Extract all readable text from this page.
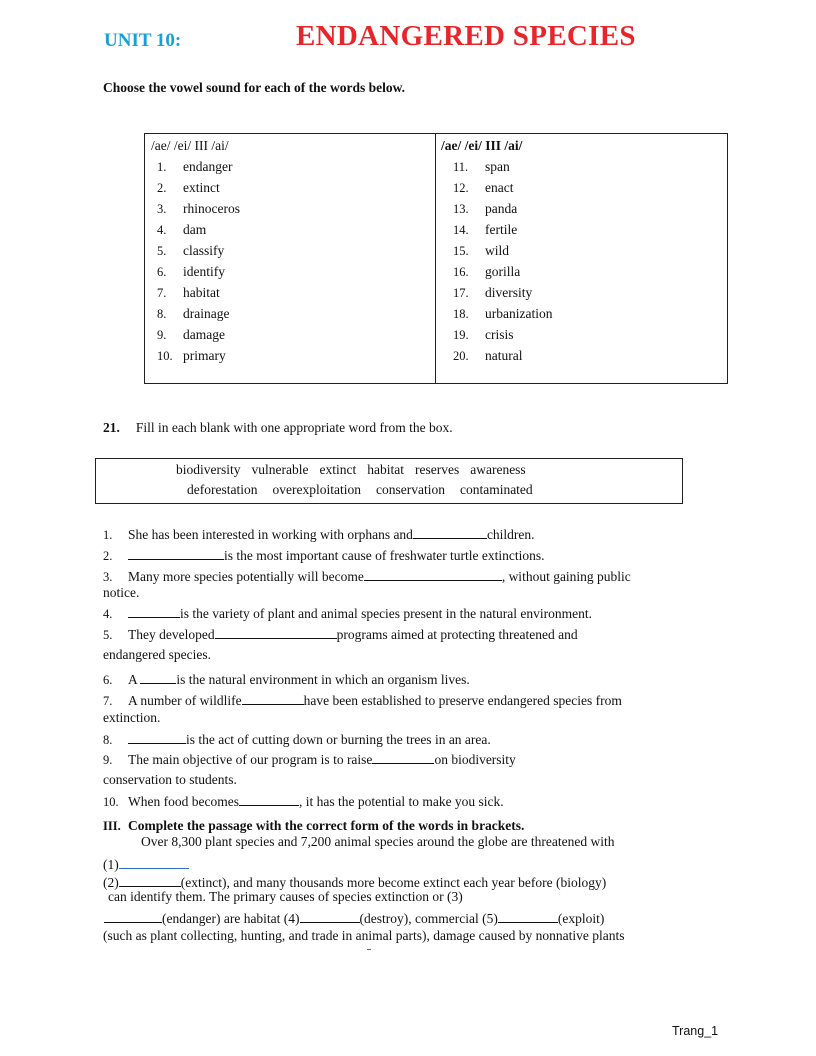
UNIT 10:	ENDANGERED SPECIES
Choose the vowel sound for each of the words below.
/ae/ /ei/ III /ai/
1. endanger
2. extinct
3. rhinoceros
4. dam
5. classify
6. identify
7. habitat
8. drainage
9. damage
10. primary
/ae/ /ei/ III /ai/
11. span
12. enact
13. panda
14. fertile
15. wild
16. gorilla
17. diversity
18. urbanization
19. crisis
20. natural
21. Fill in each blank with one appropriate word from the box.
biodiversity vulnerable extinct habitat reserves awareness
deforestation overexploitation conservation contaminated
1. She has been interested in working with orphans and	children.
2.	is the most important cause of freshwater turtle extinctions.
3. Many more species potentially will become	, without gaining public
notice.
4.	is the variety of plant and animal species present in the natural environment.
5. They developed	programs aimed at protecting threatened and
endangered species.
6. A	is the natural environment in which an organism lives.
7. A number of wildlife	have been established to preserve endangered species from
extinction.
8.	is the act of cutting down or burning the trees in an area.
9. The main objective of our program is to raise	on biodiversity
conservation to students.
10. When food becomes	, it has the potential to make you sick.
III. Complete the passage with the correct form of the words in brackets.
Over 8,300 plant species and 7,200 animal species around the globe are threatened with
(1)
(2)	(extinct), and many thousands more become extinct each year before (biology)
can identify them. The primary causes of species extinction or (3)
(endanger) are habitat (4)	(destroy), commercial (5)	(exploit)
(such as plant collecting, hunting, and trade in animal parts), damage caused by nonnative plants
Trang_1
